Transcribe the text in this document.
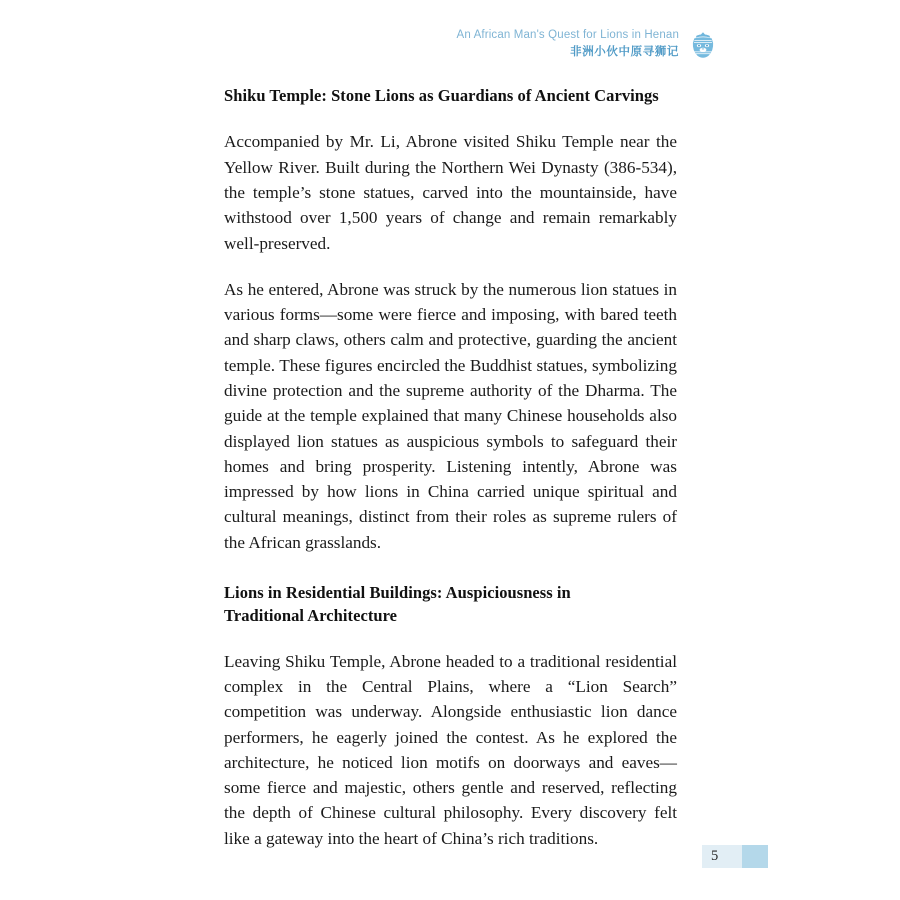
An African Man's Quest for Lions in Henan
非洲小伙中原寻狮记
Shiku Temple: Stone Lions as Guardians of Ancient Carvings

Accompanied by Mr. Li, Abrone visited Shiku Temple near the Yellow River. Built during the Northern Wei Dynasty (386-534), the temple’s stone statues, carved into the mountainside, have withstood over 1,500 years of change and remain remarkably well-preserved.

As he entered, Abrone was struck by the numerous lion statues in various forms—some were fierce and imposing, with bared teeth and sharp claws, others calm and protective, guarding the ancient temple. These figures encircled the Buddhist statues, symbolizing divine protection and the supreme authority of the Dharma. The guide at the temple explained that many Chinese households also displayed lion statues as auspicious symbols to safeguard their homes and bring prosperity. Listening intently, Abrone was impressed by how lions in China carried unique spiritual and cultural meanings, distinct from their roles as supreme rulers of the African grasslands.

Lions in Residential Buildings: Auspiciousness in Traditional Architecture

Leaving Shiku Temple, Abrone headed to a traditional residential complex in the Central Plains, where a “Lion Search” competition was underway. Alongside enthusiastic lion dance performers, he eagerly joined the contest. As he explored the architecture, he noticed lion motifs on doorways and eaves—some fierce and majestic, others gentle and reserved, reflecting the depth of Chinese cultural philosophy. Every discovery felt like a gateway into the heart of China’s rich traditions.

5
